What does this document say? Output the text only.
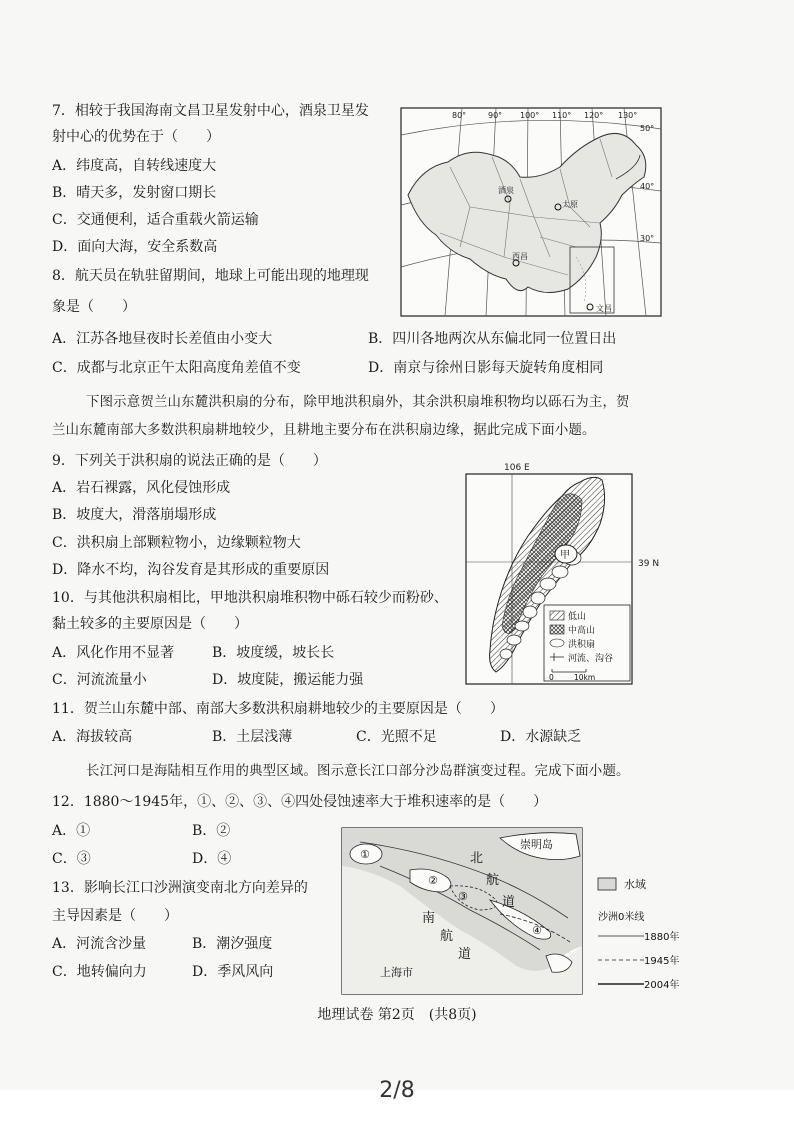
7．相较于我国海南文昌卫星发射中心，酒泉卫星发
射中心的优势在于（　　）
A．纬度高，自转线速度大
B．晴天多，发射窗口期长
C．交通便利，适合重载火箭运输
D．面向大海，安全系数高
8．航天员在轨驻留期间，地球上可能出现的地理现
象是（　　）
A．江苏各地昼夜时长差值由小变大	B．四川各地两次从东偏北同一位置日出
C．成都与北京正午太阳高度角差值不变	D．南京与徐州日影每天旋转角度相同
80°	90° 100° 110° 120° 130°
50°
40°
30°
酒泉
西昌
太原
文昌
下图示意贺兰山东麓洪积扇的分布，除甲地洪积扇外，其余洪积扇堆积物均以砾石为主，贺
兰山东麓南部大多数洪积扇耕地较少，且耕地主要分布在洪积扇边缘，据此完成下面小题。
9．下列关于洪积扇的说法正确的是（　　）
A．岩石裸露，风化侵蚀形成
B．坡度大，滑落崩塌形成
C．洪积扇上部颗粒物小，边缘颗粒物大
D．降水不均，沟谷发育是其形成的重要原因
10．与其他洪积扇相比，甲地洪积扇堆积物中砾石较少而粉砂、
黏土较多的主要原因是（　　）
A．风化作用不显著	B．坡度缓，坡长长
C．河流流量小	D．坡度陡，搬运能力强
106 E
39 N
甲
低山
中高山
洪积扇
河流、沟谷
0	10km
11．贺兰山东麓中部、南部大多数洪积扇耕地较少的主要原因是（　　）
A．海拔较高	B．土层浅薄	C．光照不足	D．水源缺乏
长江河口是海陆相互作用的典型区域。图示意长江口部分沙岛群演变过程。完成下面小题。
12．1880～1945年，①、②、③、④四处侵蚀速率大于堆积速率的是（　　）
A．①	B．②
C．③	D．④
13．影响长江口沙洲演变南北方向差异的
主导因素是（　　）
A．河流含沙量	B．潮汐强度
C．地转偏向力	D．季风风向
崇明岛
北
航
道
南
航
道
上海市
①
②
③
④
水域
沙洲0米线
1880年
1945年
2004年
地理试卷 第2页　(共8页)
2/8
